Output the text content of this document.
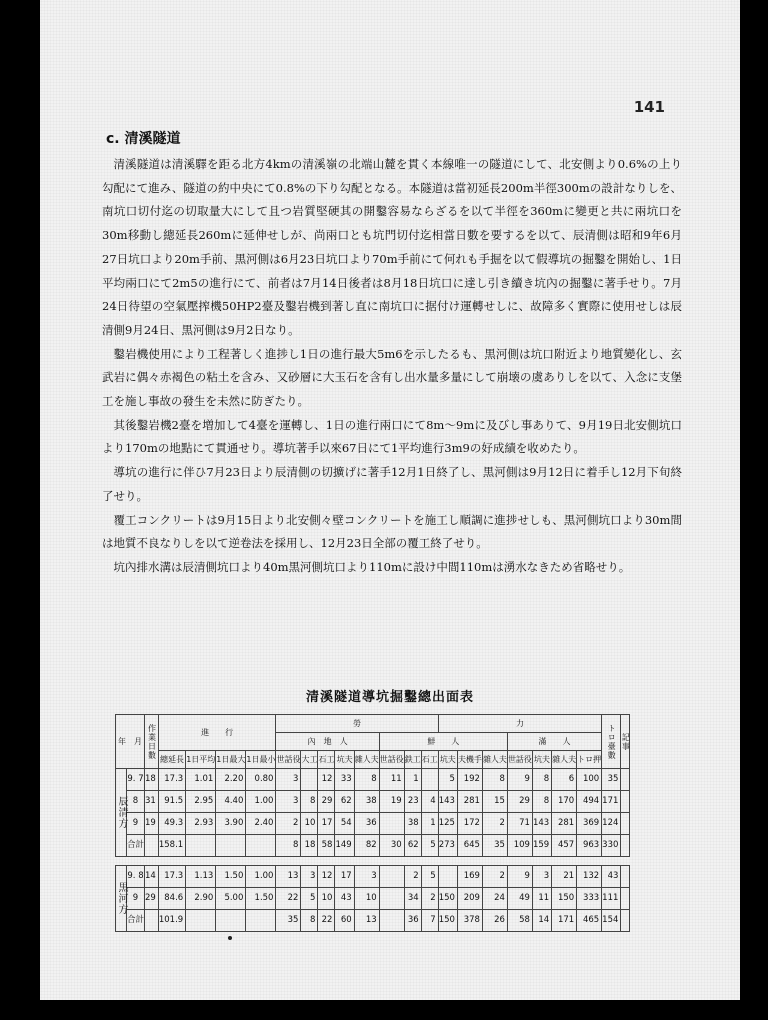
141
c. 清溪隧道

清溪隧道は清溪驛を距る北方4kmの清溪嶺の北端山麓を貫く本線唯一の隧道にして、北安側より0.6%の上り勾配にて進み、隧道の約中央にて0.8%の下り勾配となる。本隧道は當初延長200m半徑300mの設計なりしを、南坑口切付迄の切取量大にして且つ岩質堅硬其の開鑿容易ならざるを以て半徑を360mに變更と共に兩坑口を30m移動し總延長260mに延伸せしが、尚兩口とも坑門切付迄相當日數を要するを以て、辰清側は昭和9年6月27日坑口より20m手前、黒河側は6月23日坑口より70m手前にて何れも手掘を以て假導坑の掘鑿を開始し、1日平均兩口にて2m5の進行にて、前者は7月14日後者は8月18日坑口に達し引き續き坑內の掘鑿に著手せり。7月24日待望の空氣壓搾機50HP2臺及鑿岩機到著し直に南坑口に据付け運轉せしに、故障多く實際に使用せしは辰清側9月24日、黒河側は9月2日なり。

鑿岩機使用により工程著しく進捗し1日の進行最大5m6を示したるも、黒河側は坑口附近より地質變化し、玄武岩に偶々赤褐色の粘土を含み、又砂層に大玉石を含有し出水量多量にして崩壊の虞ありしを以て、入念に支堡工を施し事故の發生を未然に防ぎたり。

其後鑿岩機2臺を増加して4臺を運轉し、1日の進行兩口にて8m～9mに及びし事ありて、9月19日北安側坑口より170mの地點にて貫通せり。導坑著手以來67日にて1平均進行3m9の好成績を收めたり。

導坑の進行に伴ひ7月23日より辰清側の切擴げに著手12月1日終了し、黒河側は9月12日に着手し12月下旬終了せり。

覆工コンクリートは9月15日より北安側々壁コンクリートを施工し順調に進捗せしも、黒河側坑口より30m間は地質不良なりしを以て逆卷法を採用し、12月23日全部の覆工終了せり。

坑內排水溝は辰清側坑口より40m黒河側坑口より110mに設け中間110mは湧水なきため省略せり。

清溪隧道導坑掘鑿總出面表
年　月		作業日數	進　　行				勞								力							トロ臺數	記事
							內　地　人					鮮　　人						滿　　人					
			總延長	1日平均	1日最大	1日最小	世話役	大工	石工	坑夫	雜人夫	世話役	鉄工	石工	坑夫	夫機手	雜人夫	世話役	坑夫	雜人夫	トロ押		
辰清方	9. 7	18	17.3	1.01	2.20	0.80	3		12	33	8	11	1		5	192	8	9	8	6	100	35	
	8	31	91.5	2.95	4.40	1.00	3	8	29	62	38	19	23	4	143	281	15	29	8	170	494	171	
	9	19	49.3	2.93	3.90	2.40	2	10	17	54	36		38	1	125	172	2	71	143	281	369	124	
	合計		158.1				8	18	58	149	82	30	62	5	273	645	35	109	159	457	963	330	

黒河方	9. 8	14	17.3	1.13	1.50	1.00	13	3	12	17	3		2	5		169	2	9	3	21	132	43	
	9	29	84.6	2.90	5.00	1.50	22	5	10	43	10		34	2	150	209	24	49	11	150	333	111	
	合計		101.9				35	8	22	60	13		36	7	150	378	26	58	14	171	465	154	
